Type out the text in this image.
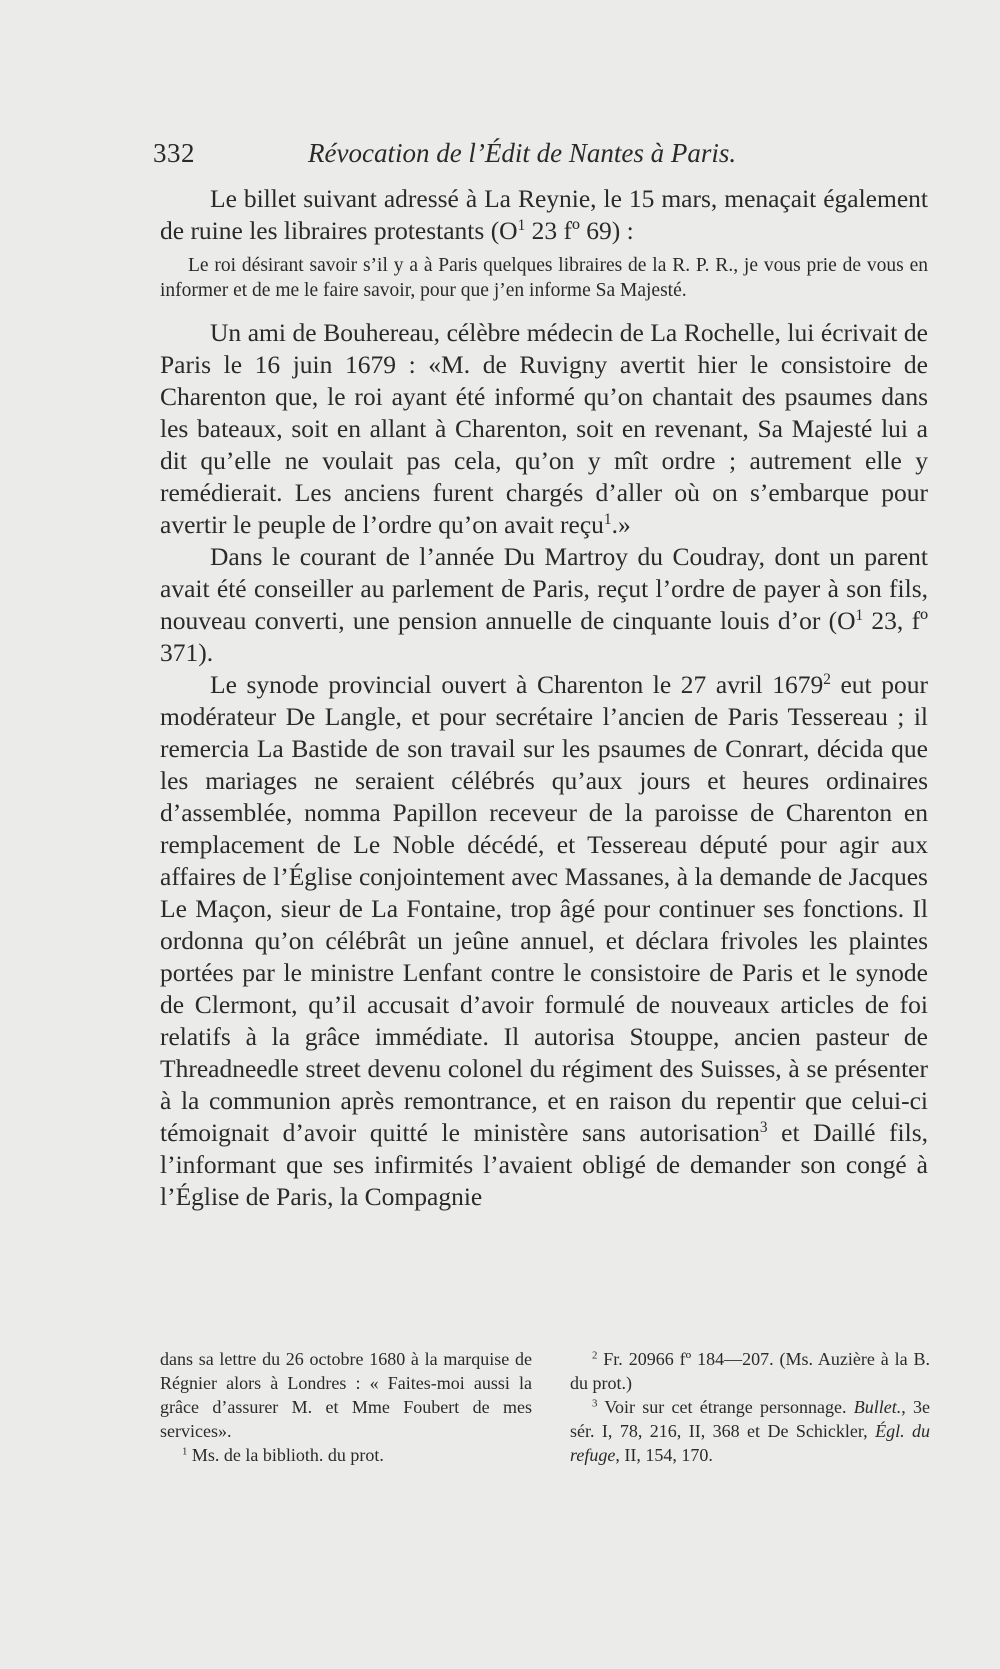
332	Révocation de l’Édit de Nantes à Paris.

Le billet suivant adressé à La Reynie, le 15 mars, menaçait également de ruine les libraires protestants ($O^1$ 23 fº 69) :

Le roi désirant savoir s’il y a à Paris quelques libraires de la R. P. R., je vous prie de vous en informer et de me le faire savoir, pour que j’en informe Sa Majesté.

Un ami de Bouhereau, célèbre médecin de La Rochelle, lui écrivait de Paris le 16 juin 1679 : «M. de Ruvigny avertit hier le consistoire de Charenton que, le roi ayant été informé qu’on chantait des psaumes dans les bateaux, soit en allant à Charenton, soit en revenant, Sa Majesté lui a dit qu’elle ne voulait pas cela, qu’on y mît ordre ; autrement elle y remédierait. Les anciens furent chargés d’aller où on s’embarque pour avertir le peuple de l’ordre qu’on avait reçu$^1$.»

Dans le courant de l’année Du Martroy du Coudray, dont un parent avait été conseiller au parlement de Paris, reçut l’ordre de payer à son fils, nouveau converti, une pension annuelle de cinquante louis d’or ($O^1$ 23, fº 371).

Le synode provincial ouvert à Charenton le 27 avril 1679$^2$ eut pour modérateur De Langle, et pour secrétaire l’ancien de Paris Tessereau ; il remercia La Bastide de son travail sur les psaumes de Conrart, décida que les mariages ne seraient célébrés qu’aux jours et heures ordinaires d’assemblée, nomma Papillon receveur de la paroisse de Charenton en remplacement de Le Noble décédé, et Tessereau député pour agir aux affaires de l’Église conjointement avec Massanes, à la demande de Jacques Le Maçon, sieur de La Fontaine, trop âgé pour continuer ses fonctions. Il ordonna qu’on célébrât un jeûne annuel, et déclara frivoles les plaintes portées par le ministre Lenfant contre le consistoire de Paris et le synode de Clermont, qu’il accusait d’avoir formulé de nouveaux articles de foi relatifs à la grâce immédiate. Il autorisa Stouppe, ancien pasteur de Threadneedle street devenu colonel du régiment des Suisses, à se présenter à la communion après remontrance, et en raison du repentir que celui-ci témoignait d’avoir quitté le ministère sans autorisation$^3$ et Daillé fils, l’informant que ses infirmités l’avaient obligé de demander son congé à l’Église de Paris, la Compagnie

dans sa lettre du 26 octobre 1680 à la marquise de Régnier alors à Londres : « Faites-moi aussi la grâce d’assurer M. et Mme Foubert de mes services».

$^1$ Ms. de la biblioth. du prot.

$^2$ Fr. 20966 fº 184—207. (Ms. Auzière à la B. du prot.)

$^3$ Voir sur cet étrange personnage. Bullet., 3e sér. I, 78, 216, II, 368 et De Schickler, Égl. du refuge, II, 154, 170.
